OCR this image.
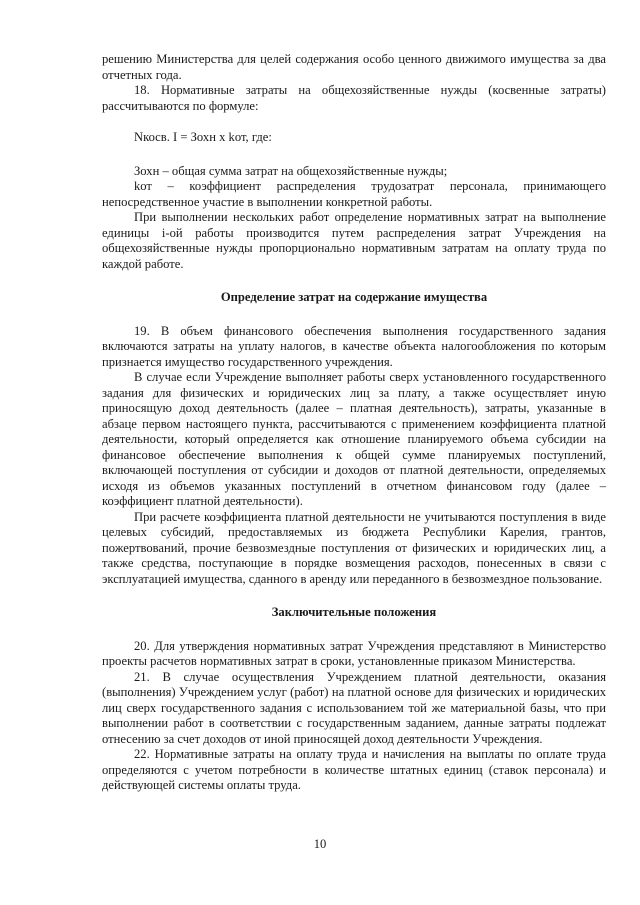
решению Министерства для целей содержания особо ценного движимого имущества за два отчетных года.

18. Нормативные затраты на общехозяйственные нужды (косвенные затраты) рассчитываются по формуле:

Nкосв. I = Зохн х kот, где:

Зохн – общая сумма затрат на общехозяйственные нужды;

kот – коэффициент распределения трудозатрат персонала, принимающего непосредственное участие в выполнении конкретной работы.

При выполнении нескольких работ определение нормативных затрат на выполнение единицы i-ой работы производится путем распределения затрат Учреждения на общехозяйственные нужды пропорционально нормативным затратам на оплату труда по каждой работе.

Определение затрат на содержание имущества

19. В объем финансового обеспечения выполнения государственного задания включаются затраты на уплату налогов, в качестве объекта налогообложения по которым признается имущество государственного учреждения.

В случае если Учреждение выполняет работы сверх установленного государственного задания для физических и юридических лиц за плату, а также осуществляет иную приносящую доход деятельность (далее – платная деятельность), затраты, указанные в абзаце первом настоящего пункта, рассчитываются с применением коэффициента платной деятельности, который определяется как отношение планируемого объема субсидии на финансовое обеспечение выполнения к общей сумме планируемых поступлений, включающей поступления от субсидии и доходов от платной деятельности, определяемых исходя из объемов указанных поступлений в отчетном финансовом году (далее – коэффициент платной деятельности).

При расчете коэффициента платной деятельности не учитываются поступления в виде целевых субсидий, предоставляемых из бюджета Республики Карелия, грантов, пожертвований, прочие безвозмездные поступления от физических и юридических лиц, а также средства, поступающие в порядке возмещения расходов, понесенных в связи с эксплуатацией имущества, сданного в аренду или переданного в безвозмездное пользование.

Заключительные положения

20. Для утверждения нормативных затрат Учреждения представляют в Министерство проекты расчетов нормативных затрат в сроки, установленные приказом Министерства.

21. В случае осуществления Учреждением платной деятельности, оказания (выполнения) Учреждением услуг (работ) на платной основе для физических и юридических лиц сверх государственного задания с использованием той же материальной базы, что при выполнении работ в соответствии с государственным заданием, данные затраты подлежат отнесению за счет доходов от иной приносящей доход деятельности Учреждения.

22. Нормативные затраты на оплату труда и начисления на выплаты по оплате труда определяются с учетом потребности в количестве штатных единиц (ставок персонала) и действующей системы оплаты труда.

10
